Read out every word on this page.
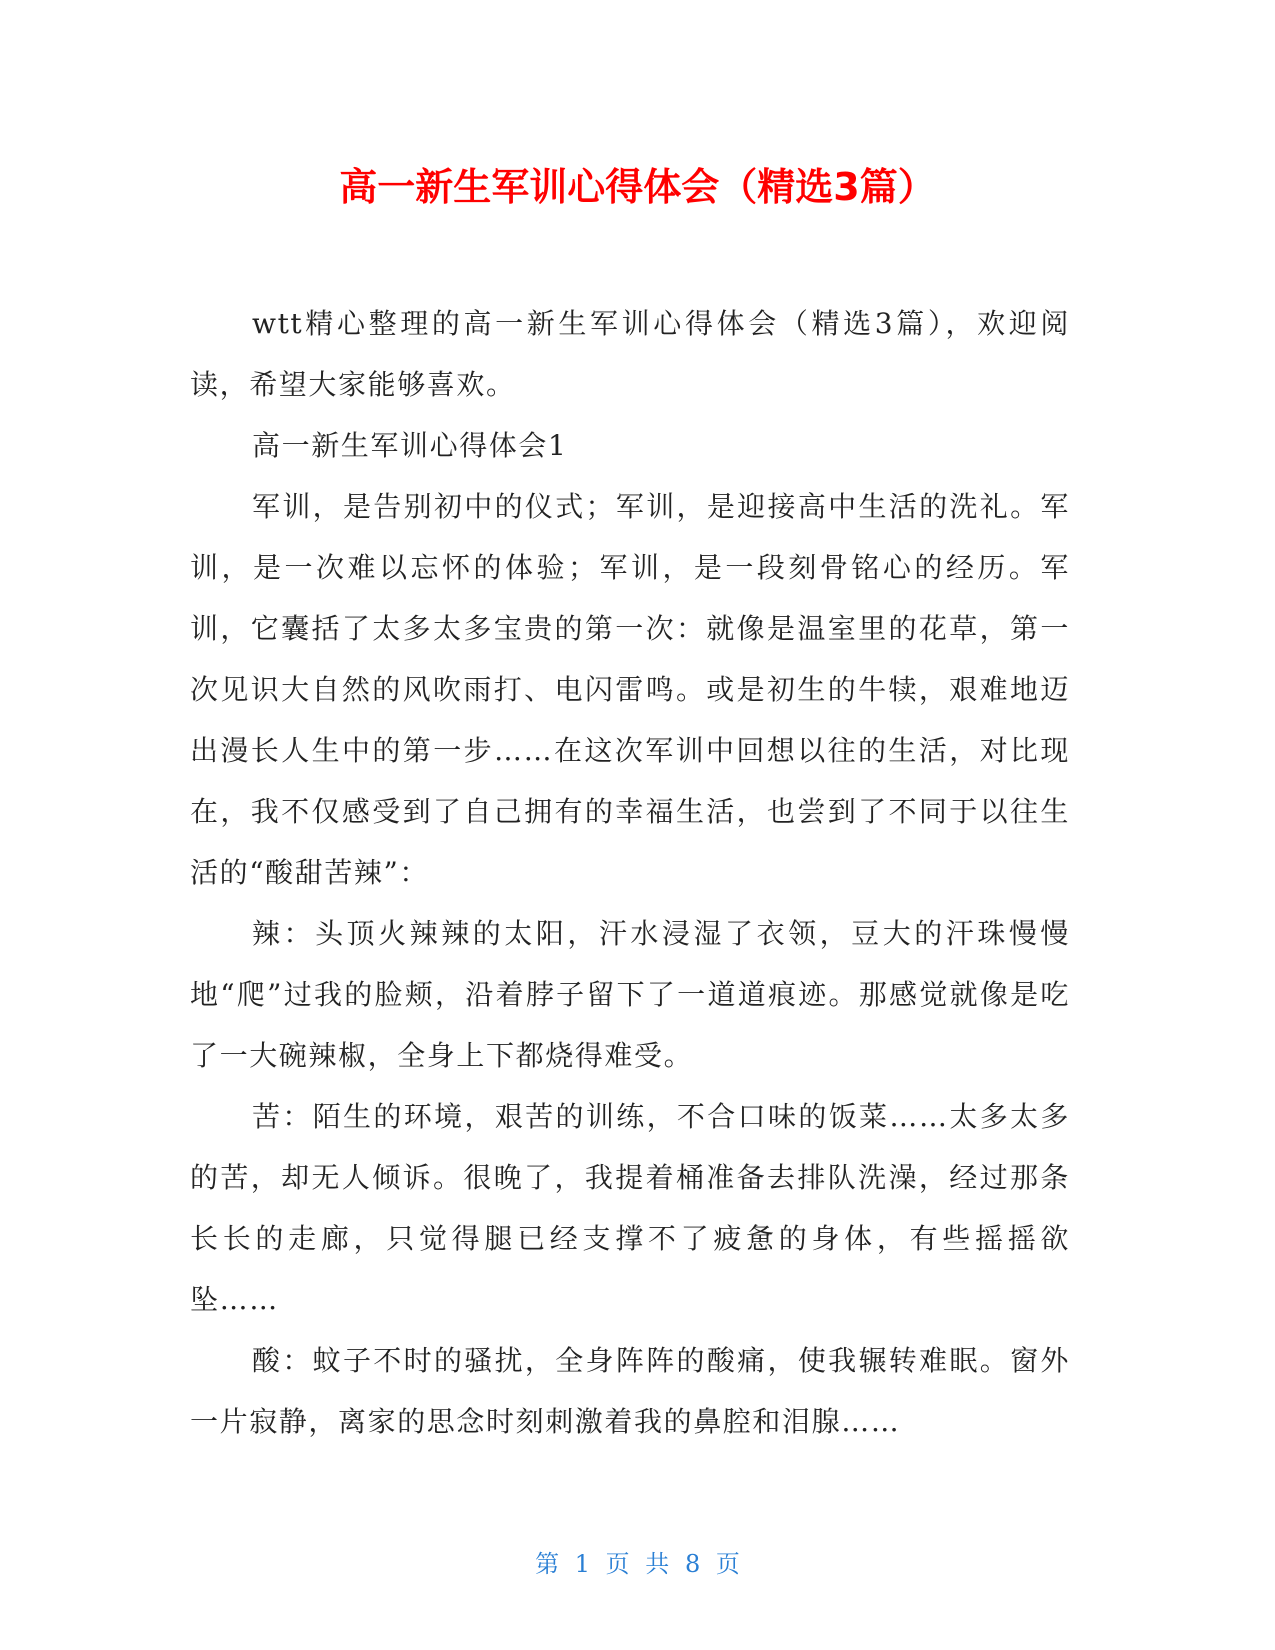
高一新生军训心得体会（精选3篇）

wtt精心整理的高一新生军训心得体会（精选3篇），欢迎阅读，希望大家能够喜欢。

高一新生军训心得体会1

军训，是告别初中的仪式；军训，是迎接高中生活的洗礼。军训，是一次难以忘怀的体验；军训，是一段刻骨铭心的经历。军训，它囊括了太多太多宝贵的第一次：就像是温室里的花草，第一次见识大自然的风吹雨打、电闪雷鸣。或是初生的牛犊，艰难地迈出漫长人生中的第一步……在这次军训中回想以往的生活，对比现在，我不仅感受到了自己拥有的幸福生活，也尝到了不同于以往生活的“酸甜苦辣”：

辣：头顶火辣辣的太阳，汗水浸湿了衣领，豆大的汗珠慢慢地“爬”过我的脸颊，沿着脖子留下了一道道痕迹。那感觉就像是吃了一大碗辣椒，全身上下都烧得难受。

苦：陌生的环境，艰苦的训练，不合口味的饭菜……太多太多的苦，却无人倾诉。很晚了，我提着桶准备去排队洗澡，经过那条长长的走廊，只觉得腿已经支撑不了疲惫的身体，有些摇摇欲坠……

酸：蚊子不时的骚扰，全身阵阵的酸痛，使我辗转难眠。窗外一片寂静，离家的思念时刻刺激着我的鼻腔和泪腺……

第 1 页 共 8 页
